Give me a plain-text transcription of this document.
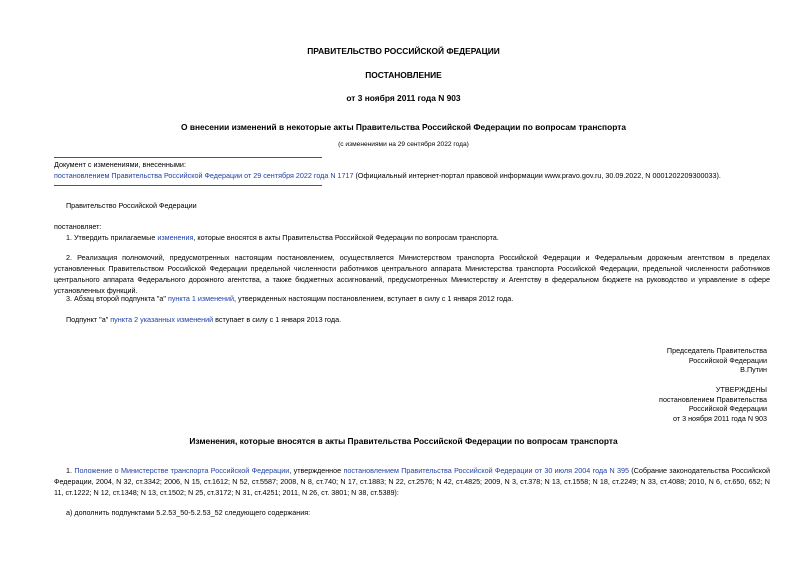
ПРАВИТЕЛЬСТВО РОССИЙСКОЙ ФЕДЕРАЦИИ
ПОСТАНОВЛЕНИЕ
от 3 ноября 2011 года N 903
О внесении изменений в некоторые акты Правительства Российской Федерации по вопросам транспорта
(с изменениями на 29 сентября 2022 года)
Документ с изменениями, внесенными:
постановлением Правительства Российской Федерации от 29 сентября 2022 года N 1717 (Официальный интернет-портал правовой информации www.pravo.gov.ru, 30.09.2022, N 0001202209300033).
Правительство Российской Федерации
постановляет:
1. Утвердить прилагаемые изменения, которые вносятся в акты Правительства Российской Федерации по вопросам транспорта.
2. Реализация полномочий, предусмотренных настоящим постановлением, осуществляется Министерством транспорта Российской Федерации и Федеральным дорожным агентством в пределах установленных Правительством Российской Федерации предельной численности работников центрального аппарата Министерства транспорта Российской Федерации, предельной численности работников центрального аппарата Федерального дорожного агентства, а также бюджетных ассигнований, предусмотренных Министерству и Агентству в федеральном бюджете на руководство и управление в сфере установленных функций.
3. Абзац второй подпункта "а" пункта 1 изменений, утвержденных настоящим постановлением, вступает в силу с 1 января 2012 года.
Подпункт "а" пункта 2 указанных изменений вступает в силу с 1 января 2013 года.
Председатель Правительства
Российской Федерации
В.Путин
УТВЕРЖДЕНЫ
постановлением Правительства
Российской Федерации
от 3 ноября 2011 года N 903
Изменения, которые вносятся в акты Правительства Российской Федерации по вопросам транспорта
1. Положение о Министерстве транспорта Российской Федерации, утвержденное постановлением Правительства Российской Федерации от 30 июля 2004 года N 395 (Собрание законодательства Российской Федерации, 2004, N 32, ст.3342; 2006, N 15, ст.1612; N 52, ст.5587; 2008, N 8, ст.740; N 17, ст.1883; N 22, ст.2576; N 42, ст.4825; 2009, N 3, ст.378; N 13, ст.1558; N 18, ст.2249; N 33, ст.4088; 2010, N 6, ст.650, 652; N 11, ст.1222; N 12, ст.1348; N 13, ст.1502; N 25, ст.3172; N 31, ст.4251; 2011, N 26, ст. 3801; N 38, ст.5389):
а) дополнить подпунктами 5.2.53_50-5.2.53_52 следующего содержания:
